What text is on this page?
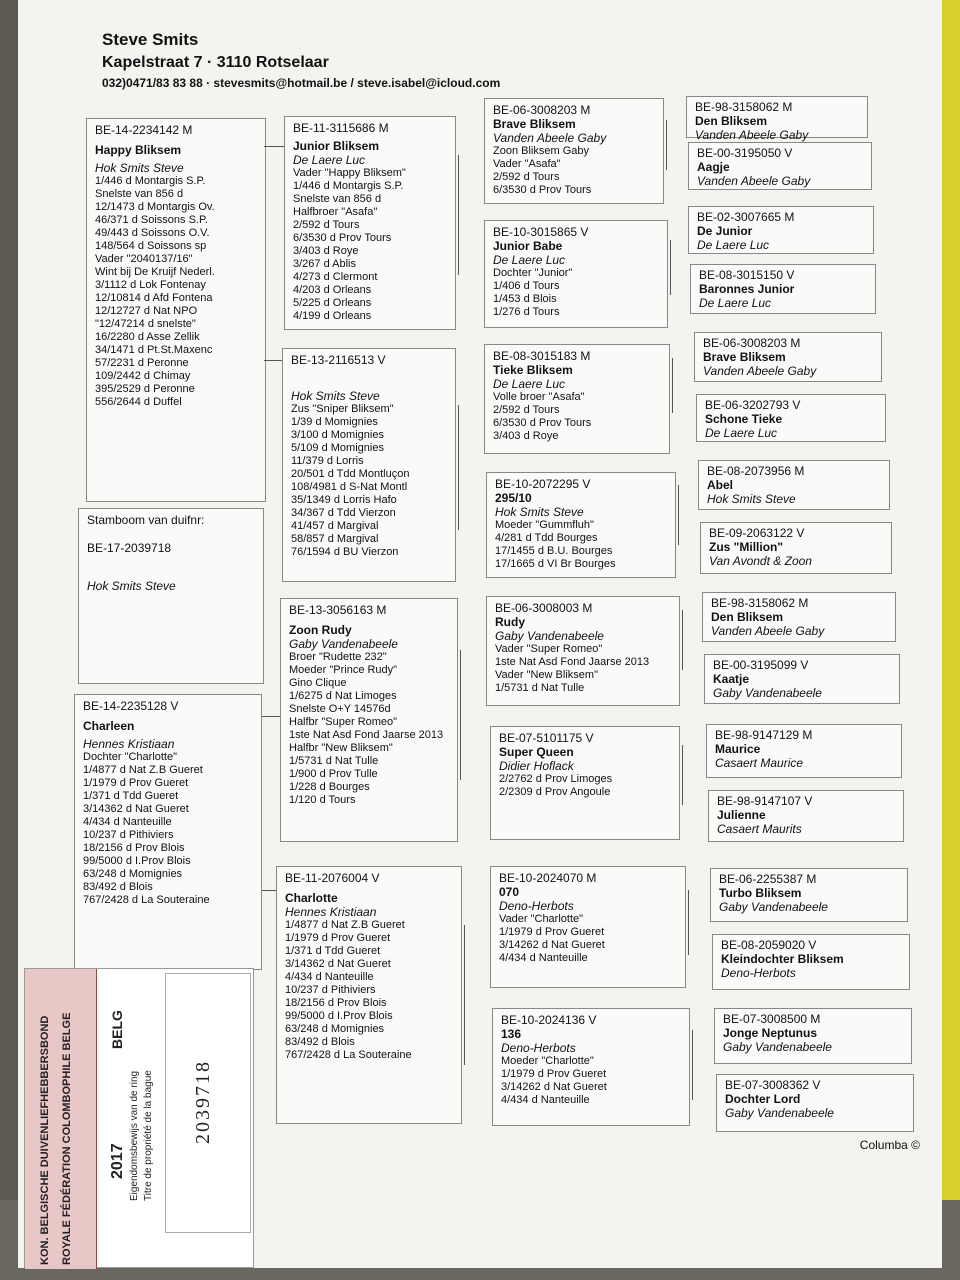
Steve Smits
Kapelstraat 7 · 3110 Rotselaar
032)0471/83 83 88 · stevesmits@hotmail.be / steve.isabel@icloud.com
BE-14-2234142 M
Happy Bliksem
Hok Smits Steve
1/446 d Montargis S.P.
Snelste van 856 d
12/1473 d Montargis Ov.
46/371 d Soissons S.P.
49/443 d Soissons O.V.
148/564 d Soissons sp
Vader "2040137/16"
Wint bij De Kruijf Nederl.
3/1112 d Lok Fontenay
12/10814 d Afd Fontena
12/12727 d Nat NPO
"12/47214 d snelste"
16/2280 d Asse Zellik
34/1471 d Pt.St.Maxenc
57/2231 d Peronne
109/2442 d Chimay
395/2529 d Peronne
556/2644 d Duffel
Stamboom van duifnr:
BE-17-2039718
Hok Smits Steve
BE-14-2235128 V
Charleen
Hennes Kristiaan
Dochter "Charlotte"
1/4877 d Nat Z.B Gueret
1/1979 d Prov Gueret
1/371 d Tdd Gueret
3/14362 d Nat Gueret
4/434 d Nanteuille
10/237 d Pithiviers
18/2156 d Prov Blois
99/5000 d I.Prov Blois
63/248 d Momignies
83/492 d Blois
767/2428 d La Souteraine
BE-11-3115686 M
Junior Bliksem
De Laere Luc
Vader "Happy Bliksem"
1/446 d Montargis S.P.
Snelste van 856 d
Halfbroer "Asafa"
2/592 d Tours
6/3530 d Prov Tours
3/403 d Roye
3/267 d Ablis
4/273 d Clermont
4/203 d Orleans
5/225 d Orleans
4/199 d Orleans
BE-13-2116513 V
Hok Smits Steve
Zus "Sniper Bliksem"
1/39 d Momignies
3/100 d Momignies
5/109 d Momignies
11/379 d Lorris
20/501 d Tdd Montluçon
108/4981 d S-Nat Montl
35/1349 d Lorris Hafo
34/367 d Tdd Vierzon
41/457 d Margival
58/857 d Margival
76/1594 d BU Vierzon
BE-13-3056163 M
Zoon Rudy
Gaby Vandenabeele
Broer "Rudette 232"
Moeder "Prince Rudy"
Gino Clique
1/6275 d Nat Limoges
Snelste O+Y 14576d
Halfbr "Super Romeo"
1ste Nat Asd Fond Jaarse 2013
Halfbr "New Bliksem"
1/5731 d Nat Tulle
1/900 d Prov Tulle
1/228 d Bourges
1/120 d Tours
BE-11-2076004 V
Charlotte
Hennes Kristiaan
1/4877 d Nat Z.B Gueret
1/1979 d Prov Gueret
1/371 d Tdd Gueret
3/14362 d Nat Gueret
4/434 d Nanteuille
10/237 d Pithiviers
18/2156 d Prov Blois
99/5000 d I.Prov Blois
63/248 d Momignies
83/492 d Blois
767/2428 d La Souteraine
BE-06-3008203 M
Brave Bliksem
Vanden Abeele Gaby
Zoon Bliksem Gaby
Vader "Asafa"
2/592 d Tours
6/3530 d Prov Tours
BE-10-3015865 V
Junior Babe
De Laere Luc
Dochter "Junior"
1/406 d Tours
1/453 d Blois
1/276 d Tours
BE-08-3015183 M
Tieke Bliksem
De Laere Luc
Volle broer "Asafa"
2/592 d Tours
6/3530 d Prov Tours
3/403 d Roye
BE-10-2072295 V
295/10
Hok Smits Steve
Moeder "Gummfluh"
4/281 d Tdd Bourges
17/1455 d B.U. Bourges
17/1665 d VI Br Bourges
BE-06-3008003 M
Rudy
Gaby Vandenabeele
Vader "Super Romeo"
1ste Nat Asd Fond Jaarse 2013
Vader "New Bliksem"
1/5731 d Nat Tulle
BE-07-5101175 V
Super Queen
Didier Hoflack
2/2762 d Prov Limoges
2/2309 d Prov Angoule
BE-10-2024070 M
070
Deno-Herbots
Vader "Charlotte"
1/1979 d Prov Gueret
3/14262 d Nat Gueret
4/434 d Nanteuille
BE-10-2024136 V
136
Deno-Herbots
Moeder "Charlotte"
1/1979 d Prov Gueret
3/14262 d Nat Gueret
4/434 d Nanteuille
BE-98-3158062 M
Den Bliksem
Vanden Abeele Gaby
BE-00-3195050 V
Aagje
Vanden Abeele Gaby
BE-02-3007665 M
De Junior
De Laere Luc
BE-08-3015150 V
Baronnes Junior
De Laere Luc
BE-06-3008203 M
Brave Bliksem
Vanden Abeele Gaby
BE-06-3202793 V
Schone Tieke
De Laere Luc
BE-08-2073956 M
Abel
Hok Smits Steve
BE-09-2063122 V
Zus "Million"
Van Avondt & Zoon
BE-98-3158062 M
Den Bliksem
Vanden Abeele Gaby
BE-00-3195099 V
Kaatje
Gaby Vandenabeele
BE-98-9147129 M
Maurice
Casaert Maurice
BE-98-9147107 V
Julienne
Casaert Maurits
BE-06-2255387 M
Turbo Bliksem
Gaby Vandenabeele
BE-08-2059020 V
Kleindochter Bliksem
Deno-Herbots
BE-07-3008500 M
Jonge Neptunus
Gaby Vandenabeele
BE-07-3008362 V
Dochter Lord
Gaby Vandenabeele
Columba ©
KON. BELGISCHE DUIVENLIEFHEBBERSBOND ROYALE FÉDÉRATION COLOMBOPHILE BELGE 2017
BELG
Eigendomsbewijs van de ring Titre de propriété de la bague 2039718
